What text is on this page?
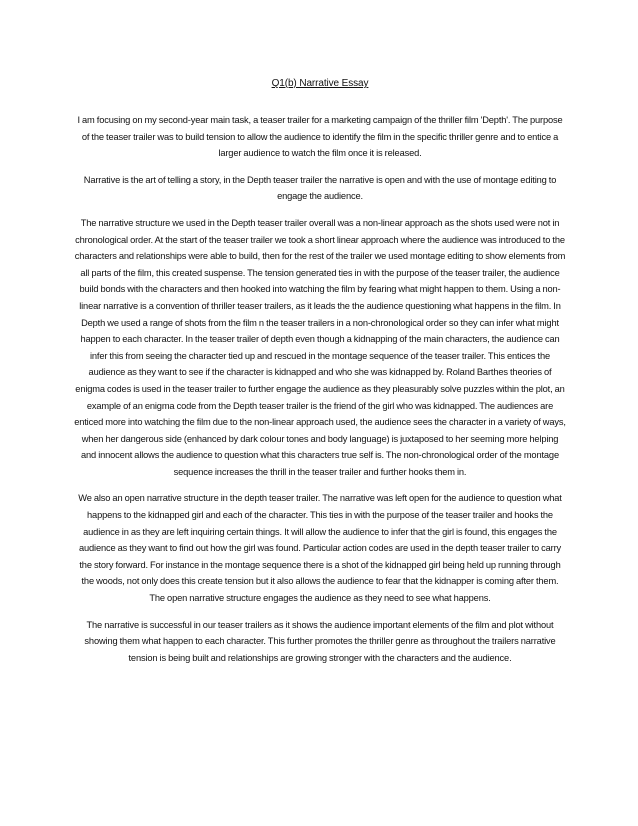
Q1(b) Narrative Essay

I am focusing on my second-year main task, a teaser trailer for a marketing campaign of the thriller film 'Depth'. The purpose of the teaser trailer was to build tension to allow the audience to identify the film in the specific thriller genre and to entice a larger audience to watch the film once it is released.

Narrative is the art of telling a story, in the Depth teaser trailer the narrative is open and with the use of montage editing to engage the audience.

The narrative structure we used in the Depth teaser trailer overall was a non-linear approach as the shots used were not in chronological order. At the start of the teaser trailer we took a short linear approach where the audience was introduced to the characters and relationships were able to build, then for the rest of the trailer we used montage editing to show elements from all parts of the film, this created suspense. The tension generated ties in with the purpose of the teaser trailer, the audience build bonds with the characters and then hooked into watching the film by fearing what might happen to them. Using a non-linear narrative is a convention of thriller teaser trailers, as it leads the the audience questioning what happens in the film. In Depth we used a range of shots from the film n the teaser trailers in a non-chronological order so they can infer what might happen to each character. In the teaser trailer of depth even though a kidnapping of the main characters, the audience can infer this from seeing the character tied up and rescued in the montage sequence of the teaser trailer. This entices the audience as they want to see if the character is kidnapped and who she was kidnapped by. Roland Barthes theories of enigma codes is used in the teaser trailer to further engage the audience as they pleasurably solve puzzles within the plot, an example of an enigma code from the Depth teaser trailer is the friend of the girl who was kidnapped. The audiences are enticed more into watching the film due to the non-linear approach used, the audience sees the character in a variety of ways, when her dangerous side (enhanced by dark colour tones and body language) is juxtaposed to her seeming more helping and innocent allows the audience to question what this characters true self is. The non-chronological order of the montage sequence increases the thrill in the teaser trailer and further hooks them in.

We also an open narrative structure in the depth teaser trailer. The narrative was left open for the audience to question what happens to the kidnapped girl and each of the character. This ties in with the purpose of the teaser trailer and hooks the audience in as they are left inquiring certain things. It will allow the audience to infer that the girl is found, this engages the audience as they want to find out how the girl was found. Particular action codes are used in the depth teaser trailer to carry the story forward. For instance in the montage sequence there is a shot of the kidnapped girl being held up running through the woods, not only does this create tension but it also allows the audience to fear that the kidnapper is coming after them. The open narrative structure engages the audience as they need to see what happens.

The narrative is successful in our teaser trailers as it shows the audience important elements of the film and plot without showing them what happen to each character. This further promotes the thriller genre as throughout the trailers narrative tension is being built and relationships are growing stronger with the characters and the audience.
